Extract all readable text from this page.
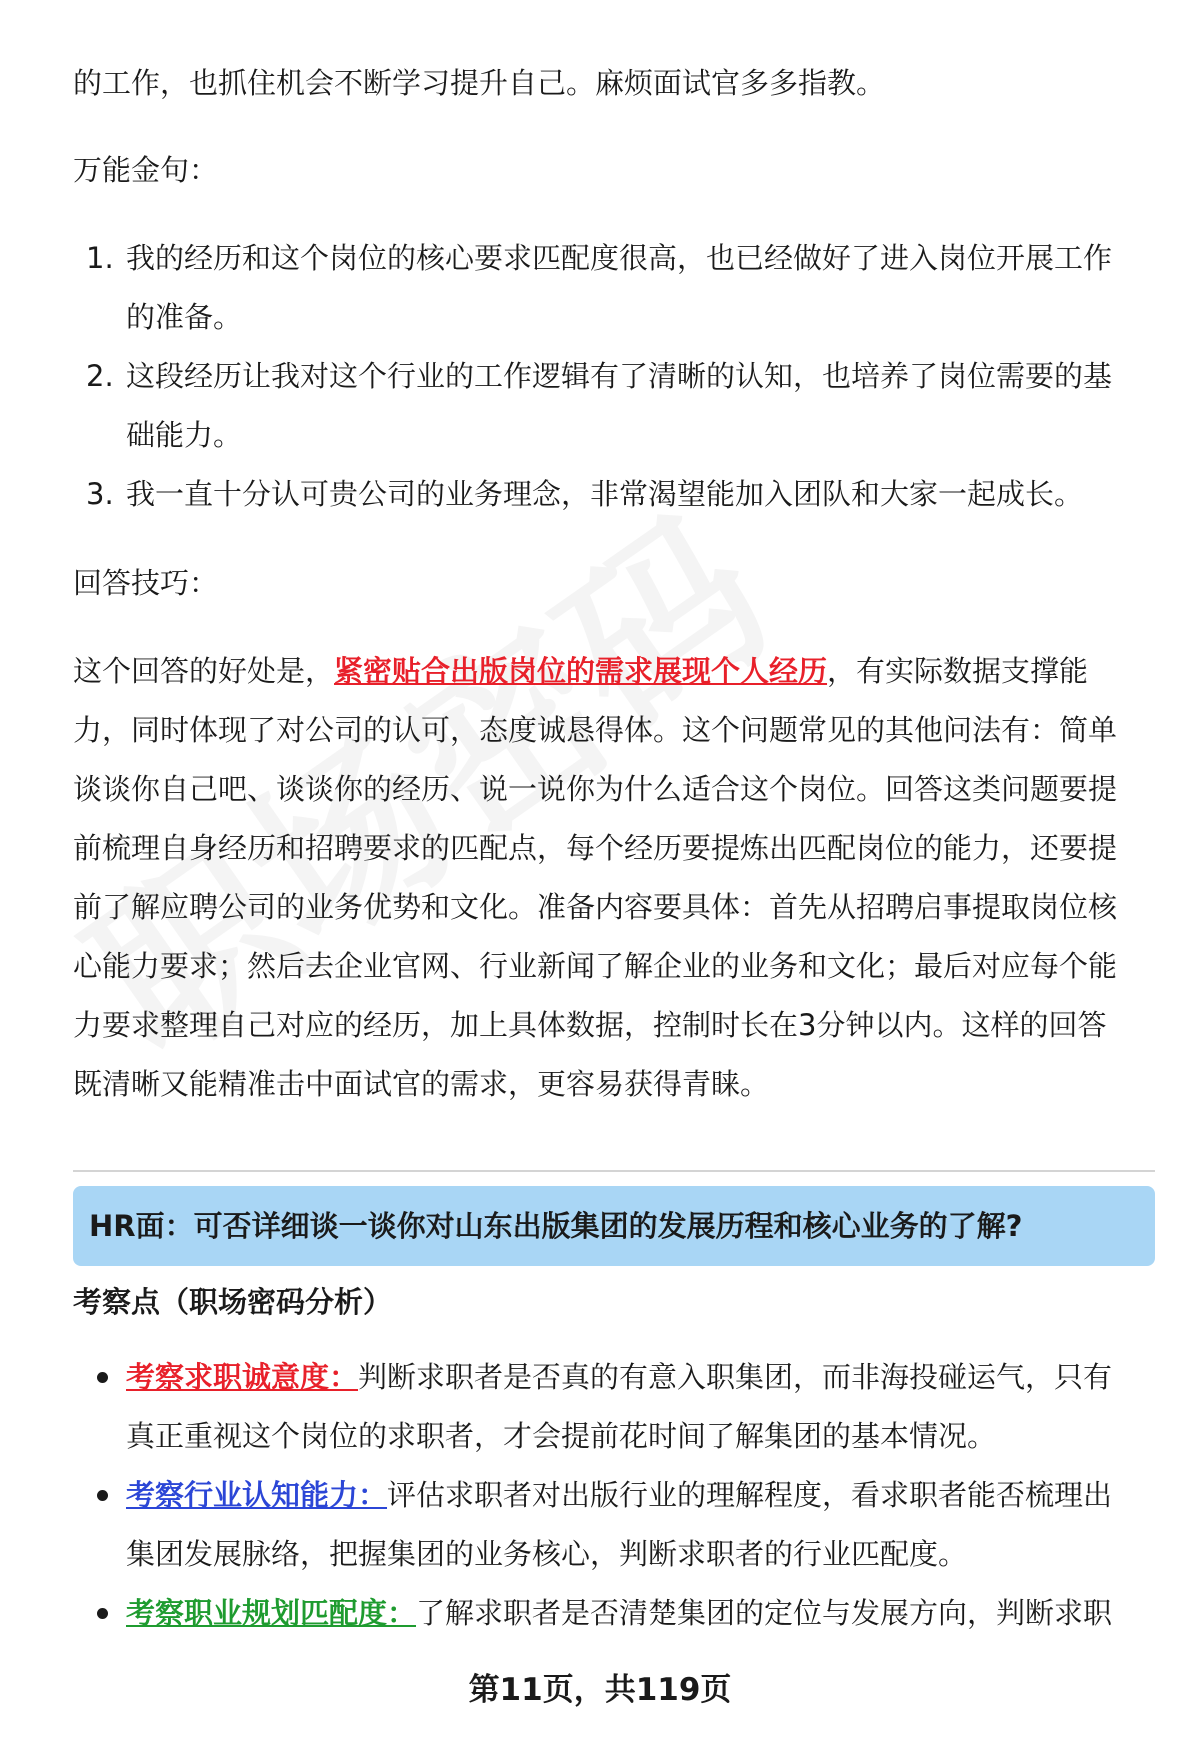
的工作，也抓住机会不断学习提升自己。麻烦面试官多多指教。
万能金句：
1. 我的经历和这个岗位的核心要求匹配度很高，也已经做好了进入岗位开展工作
的准备。
2. 这段经历让我对这个行业的工作逻辑有了清晰的认知，也培养了岗位需要的基
础能力。
3. 我一直十分认可贵公司的业务理念，非常渴望能加入团队和大家一起成长。
回答技巧：
这个回答的好处是，紧密贴合出版岗位的需求展现个人经历，有实际数据支撑能
力，同时体现了对公司的认可，态度诚恳得体。这个问题常见的其他问法有：简单
谈谈你自己吧、谈谈你的经历、说一说你为什么适合这个岗位。回答这类问题要提
前梳理自身经历和招聘要求的匹配点，每个经历要提炼出匹配岗位的能力，还要提
前了解应聘公司的业务优势和文化。准备内容要具体：首先从招聘启事提取岗位核
心能力要求；然后去企业官网、行业新闻了解企业的业务和文化；最后对应每个能
力要求整理自己对应的经历，加上具体数据，控制时长在3分钟以内。这样的回答
既清晰又能精准击中面试官的需求，更容易获得青睐。
HR面：可否详细谈一谈你对山东出版集团的发展历程和核心业务的了解?
考察点（职场密码分析）
考察求职诚意度：判断求职者是否真的有意入职集团，而非海投碰运气，只有
真正重视这个岗位的求职者，才会提前花时间了解集团的基本情况。
考察行业认知能力：评估求职者对出版行业的理解程度，看求职者能否梳理出
集团发展脉络，把握集团的业务核心，判断求职者的行业匹配度。
考察职业规划匹配度：了解求职者是否清楚集团的定位与发展方向，判断求职
第11页，共119页
